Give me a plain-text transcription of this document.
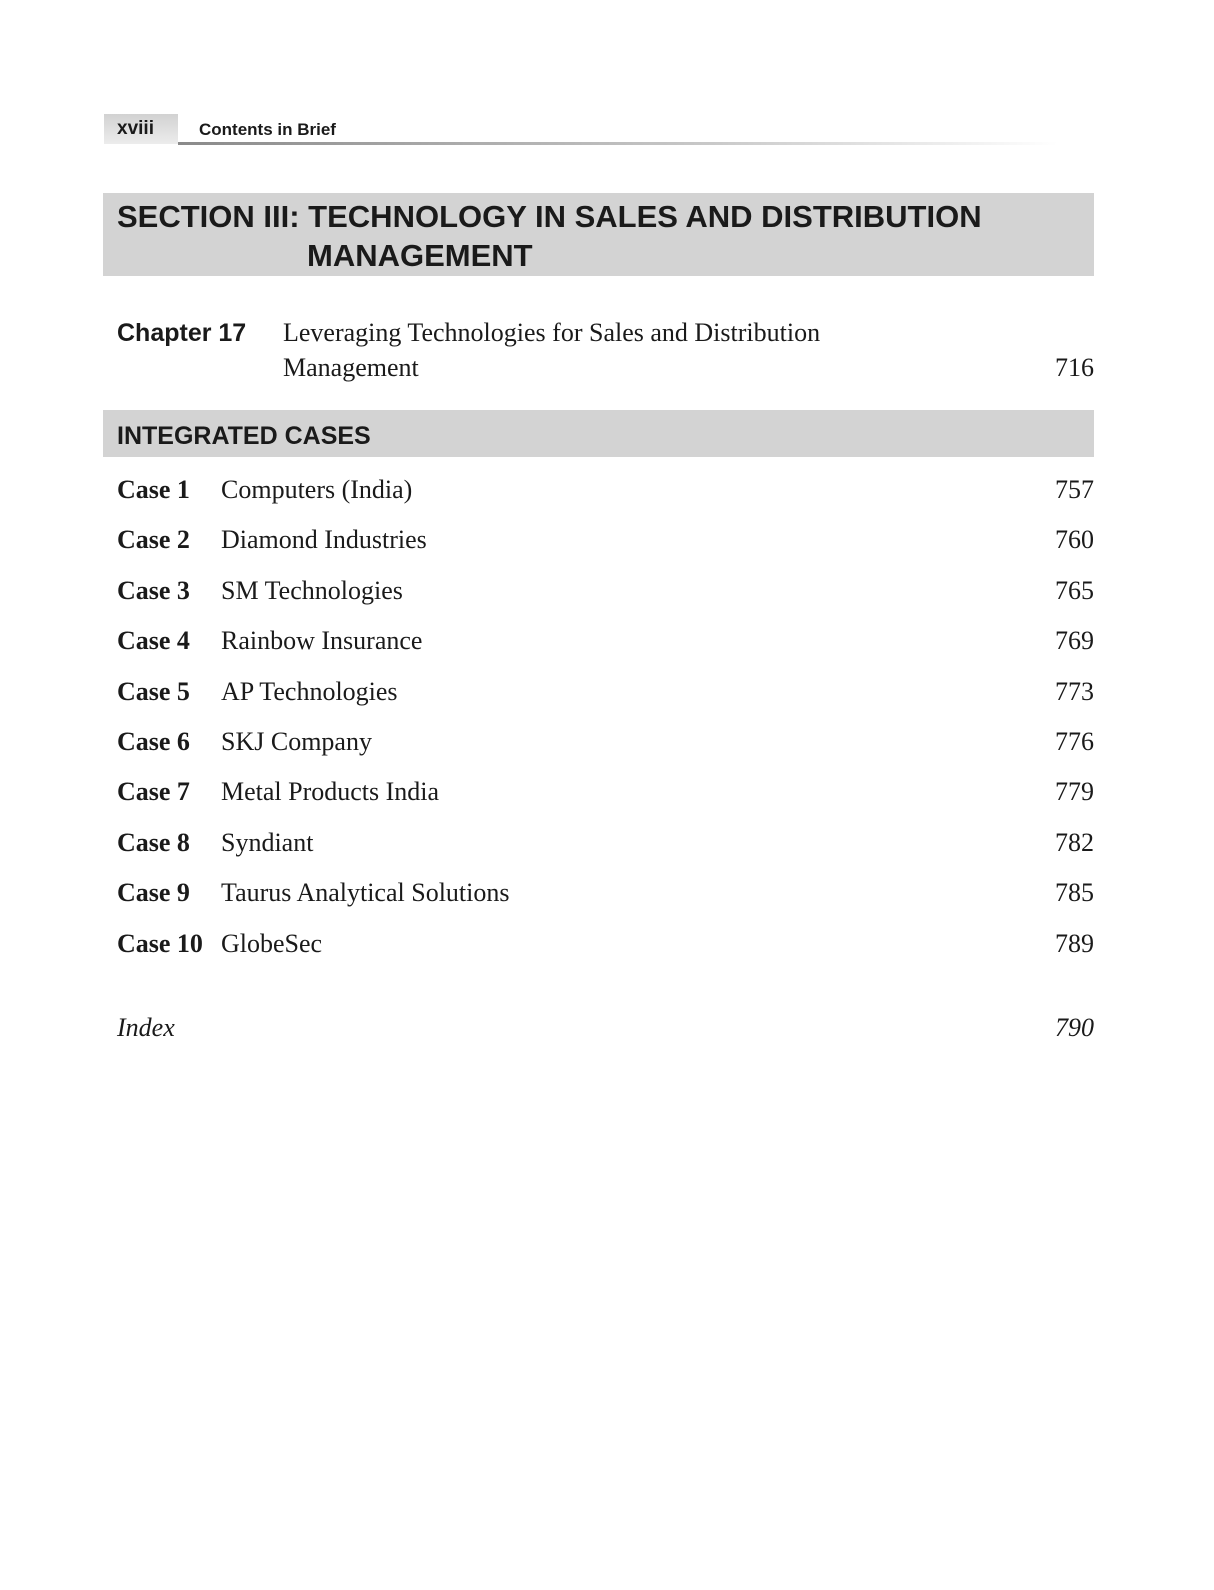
xviii	Contents in Brief
SECTION III: TECHNOLOGY IN SALES AND DISTRIBUTION
MANAGEMENT
Chapter 17 Leveraging Technologies for Sales and Distribution
Management	716
INTEGRATED CASES
Case 1 Computers (India)	757
Case 2 Diamond Industries	760
Case 3 SM Technologies	765
Case 4 Rainbow Insurance	769
Case 5 AP Technologies	773
Case 6 SKJ Company	776
Case 7 Metal Products India	779
Case 8 Syndiant	782
Case 9 Taurus Analytical Solutions	785
Case 10 GlobeSec	789
Index	790
